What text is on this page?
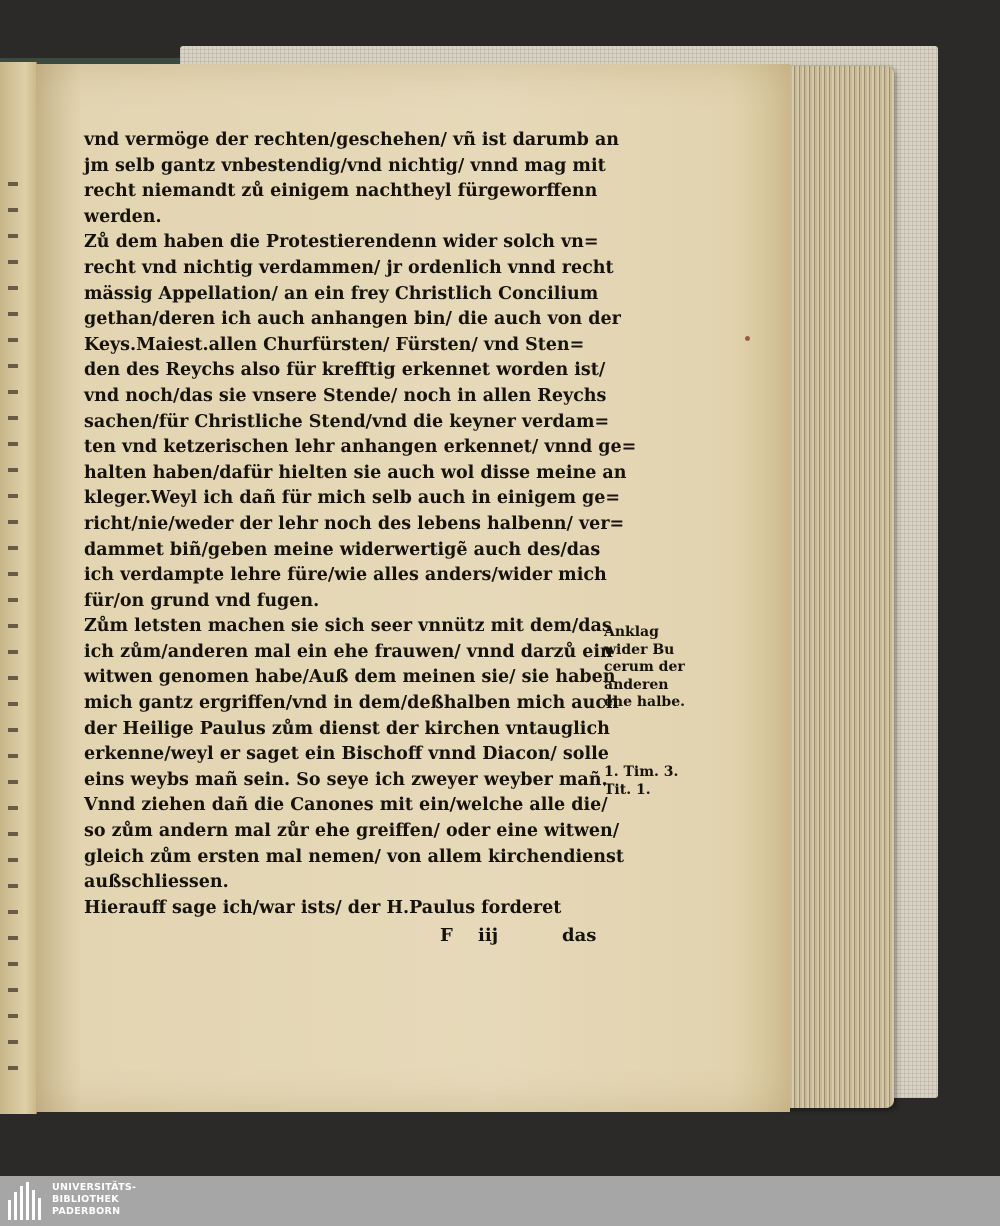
vnd vermöge der rechten/geschehen/ vñ ist darumb an
jm selb gantz vnbestendig/vnd nichtig/ vnnd mag mit
recht niemandt zů einigem nachtheyl fürgeworffenn
werden.
Zů dem haben die Protestierendenn wider solch vn=
recht vnd nichtig verdammen/ jr ordenlich vnnd recht
mässig Appellation/ an ein frey Christlich Concilium
gethan/deren ich auch anhangen bin/ die auch von der
Keys.Maiest.allen Churfürsten/ Fürsten/ vnd Sten=
den des Reychs also für krefftig erkennet worden ist/
vnd noch/das sie vnsere Stende/ noch in allen Reychs
sachen/für Christliche Stend/vnd die keyner verdam=
ten vnd ketzerischen lehr anhangen erkennet/ vnnd ge=
halten haben/dafür hielten sie auch wol disse meine an
kleger.Weyl ich dañ für mich selb auch in einigem ge=
richt/nie/weder der lehr noch des lebens halbenn/ ver=
dammet biñ/geben meine widerwertigẽ auch des/das
ich verdampte lehre füre/wie alles anders/wider mich
für/on grund vnd fugen.
Zům letsten machen sie sich seer vnnütz mit dem/das
ich zům/anderen mal ein ehe frauwen/ vnnd darzů ein
witwen genomen habe/Auß dem meinen sie/ sie haben
mich gantz ergriffen/vnd in dem/deßhalben mich auch
der Heilige Paulus zům dienst der kirchen vntauglich
erkenne/weyl er saget ein Bischoff vnnd Diacon/ solle
eins weybs mañ sein. So seye ich zweyer weyber mañ.
Vnnd ziehen dañ die Canones mit ein/welche alle die/
so zům andern mal zůr ehe greiffen/ oder eine witwen/
gleich zům ersten mal nemen/ von allem kirchendienst
außschliessen.
Hierauff sage ich/war ists/ der H.Paulus forderet
Anklag
wider Bu
cerum der
anderen
ehe halbe.
1. Tim. 3.
Tit. 1.
F iij	das
UNIVERSITÄTS-
BIBLIOTHEK
PADERBORN
